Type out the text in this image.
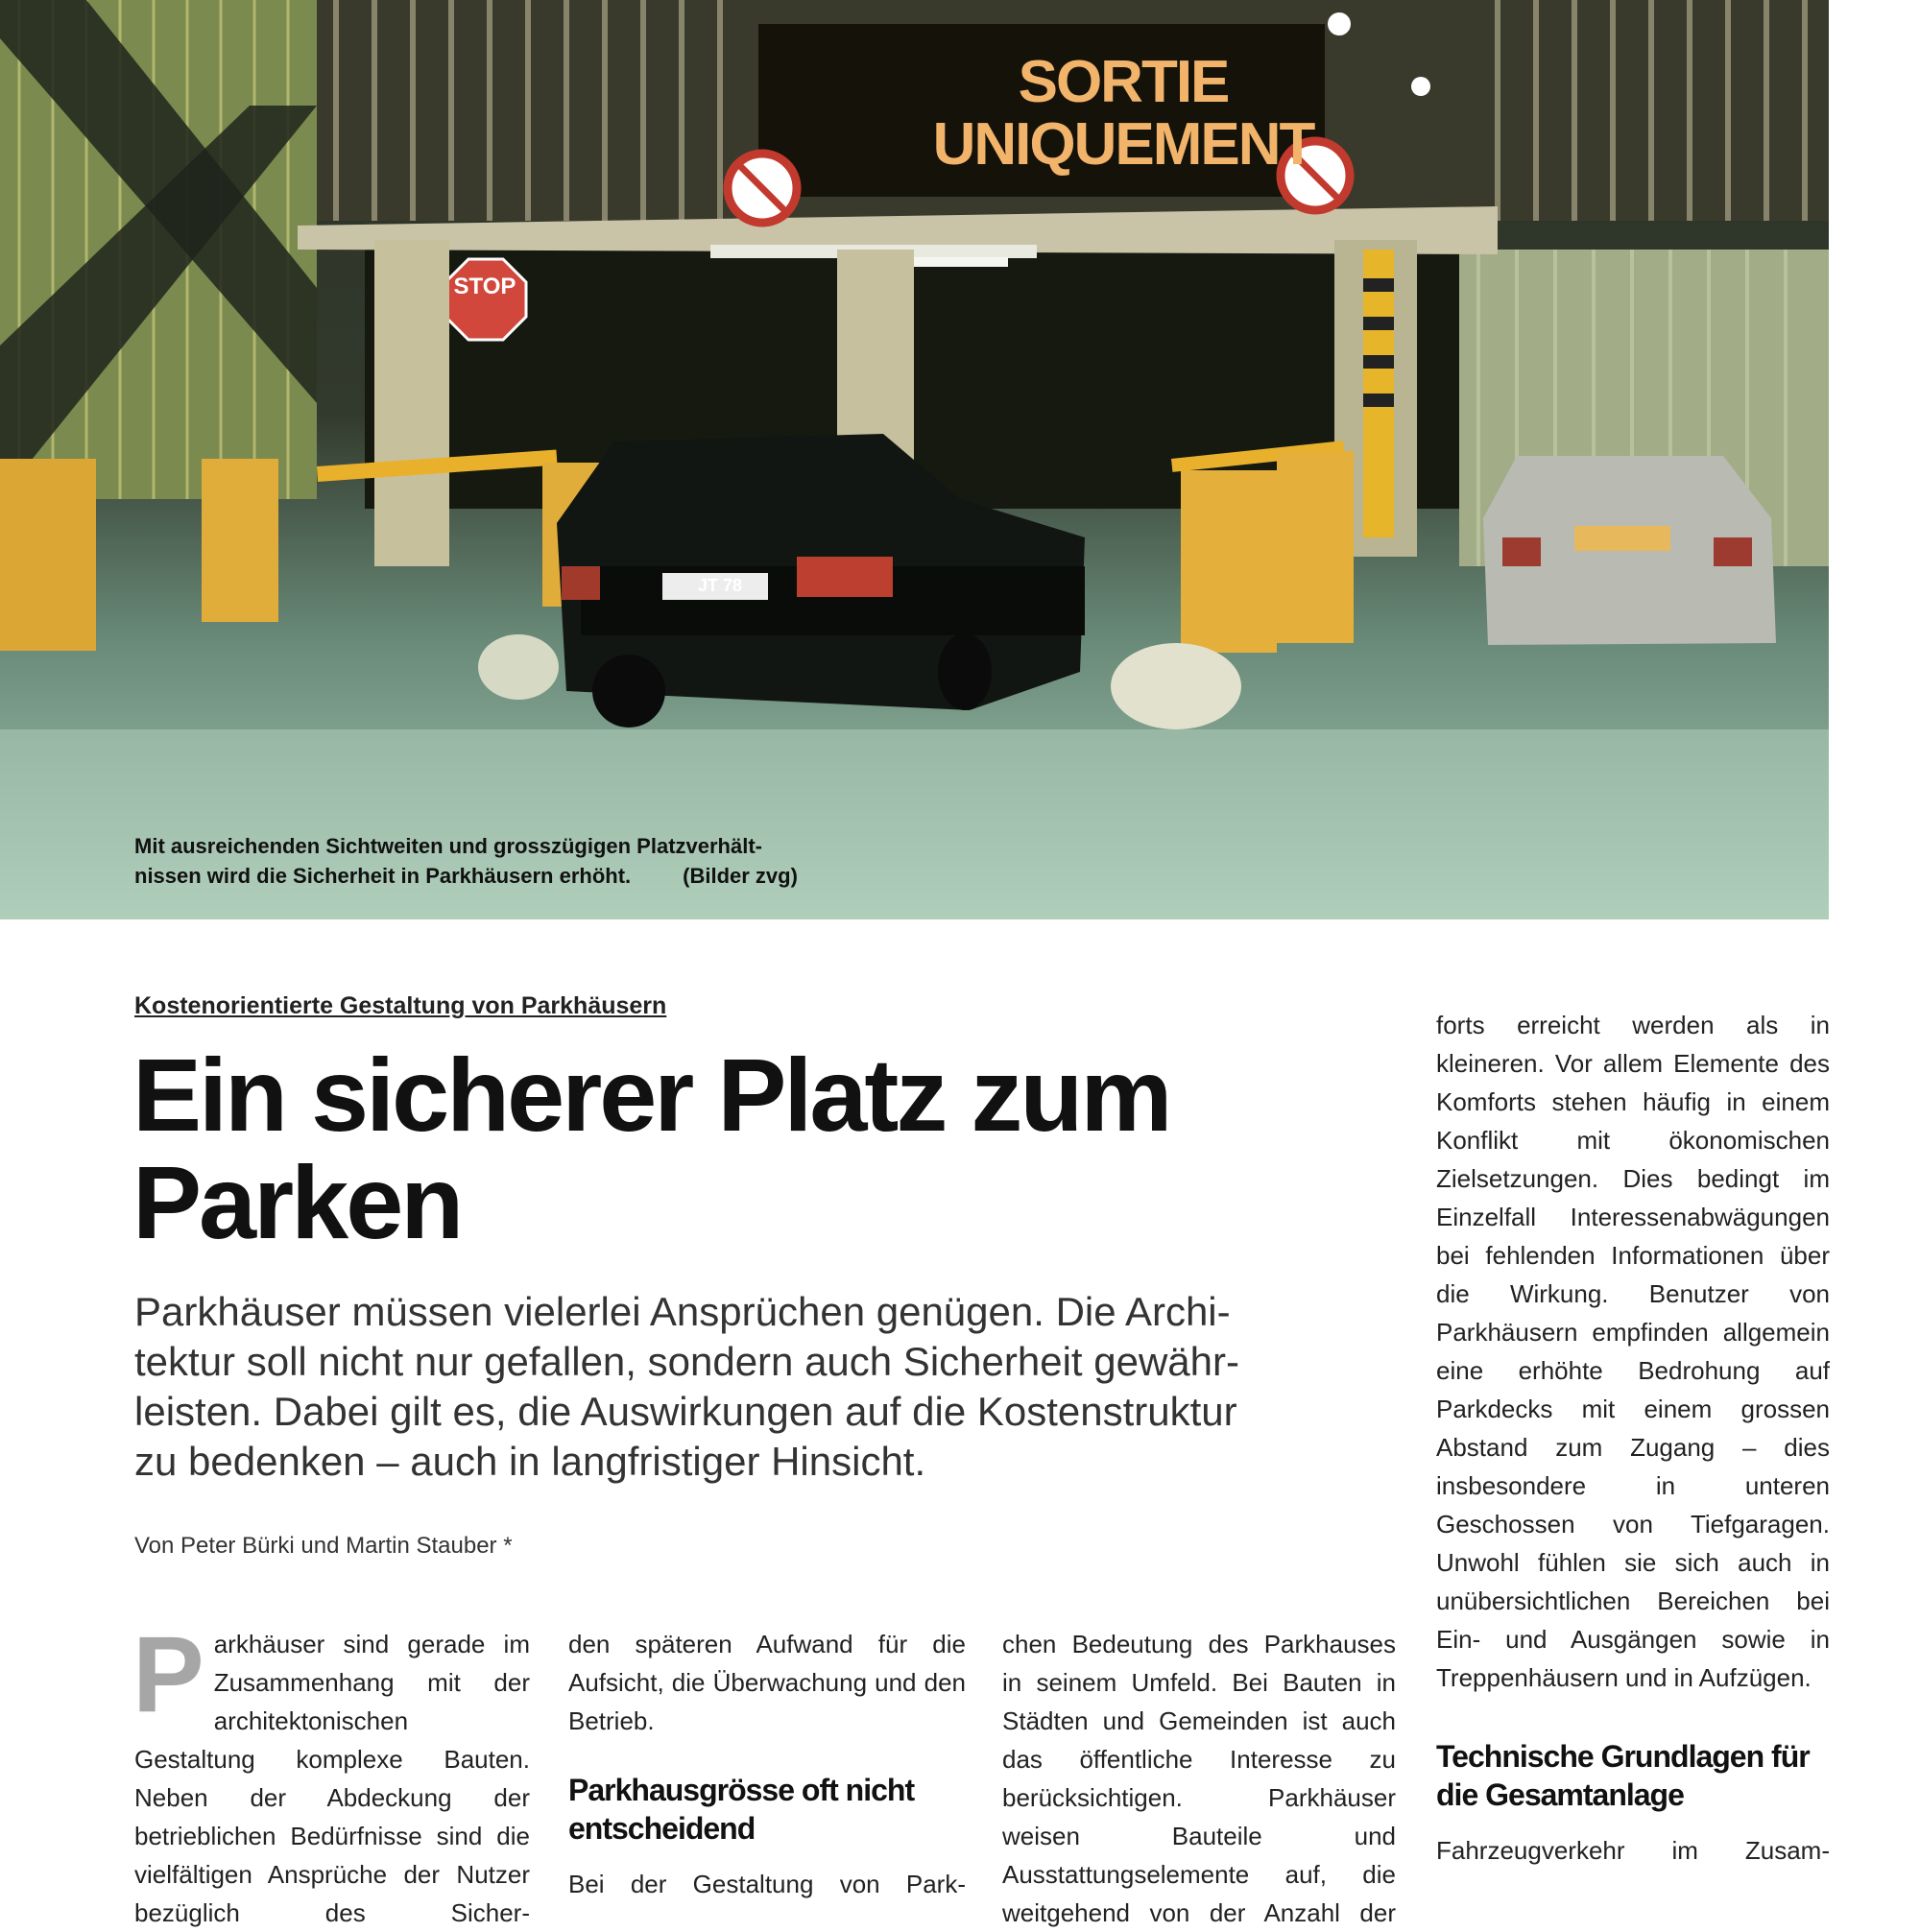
SORTIE
UNIQUEMENT
STOP
JT 78
Mit ausreichenden Sichtweiten und grosszügigen Platzverhält-
nissen wird die Sicherheit in Parkhäusern erhöht. (Bilder zvg)
Kostenorientierte Gestaltung von Parkhäusern
Ein sicherer Platz zum
Parken

Parkhäuser müssen vielerlei Ansprüchen genügen. Die Archi-
tektur soll nicht nur gefallen, sondern auch Sicherheit gewähr-
leisten. Dabei gilt es, die Auswirkungen auf die Kostenstruktur
zu bedenken – auch in langfristiger Hinsicht.

Von Peter Bürki und Martin Stauber *
P arkhäuser sind gerade im Zusammenhang mit der architektonischen Gestaltung komplexe Bauten. Neben der Abdeckung der betrieblichen Bedürfnisse sind die vielfältigen Ansprüche der Nutzer bezüglich des Sicher-

den späteren Aufwand für die Aufsicht, die Überwachung und den Betrieb.

Parkhausgrösse oft nicht entscheidend

Bei der Gestaltung von Park-

chen Bedeutung des Parkhauses in seinem Umfeld. Bei Bauten in Städten und Gemeinden ist auch das öffentliche Interesse zu berücksichtigen. Parkhäuser weisen Bauteile und Ausstattungselemente auf, die weitgehend von der Anzahl der

forts erreicht werden als in kleineren. Vor allem Elemente des Komforts stehen häufig in einem Konflikt mit ökonomischen Zielsetzungen. Dies bedingt im Einzelfall Interessenabwägungen bei fehlenden Informationen über die Wirkung. Benutzer von Parkhäusern empfinden allgemein eine erhöhte Bedrohung auf Parkdecks mit einem grossen Abstand zum Zugang – dies insbesondere in unteren Geschossen von Tiefgaragen. Unwohl fühlen sie sich auch in unübersichtlichen Bereichen bei Ein- und Ausgängen sowie in Treppenhäusern und in Aufzügen.

Technische Grundlagen für die Gesamtanlage

Fahrzeugverkehr im Zusam-
